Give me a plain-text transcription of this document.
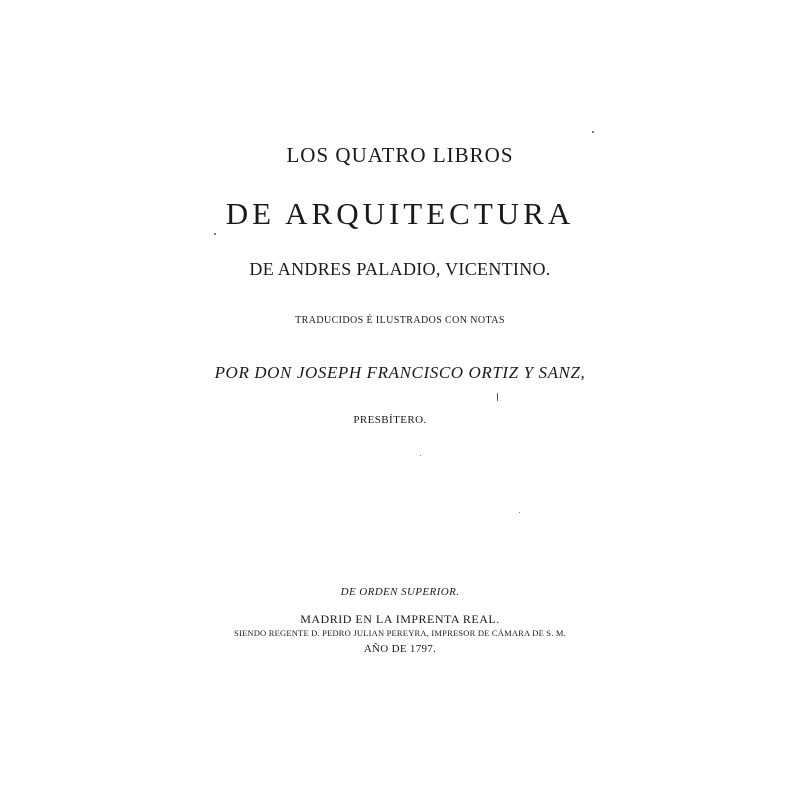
LOS QUATRO LIBROS
DE ARQUITECTURA
DE ANDRES PALADIO, VICENTINO.
TRADUCIDOS É ILUSTRADOS CON NOTAS
POR DON JOSEPH FRANCISCO ORTIZ Y SANZ,
PRESBÍTERO.
DE ORDEN SUPERIOR.
MADRID EN LA IMPRENTA REAL.
SIENDO REGENTE D. PEDRO JULIAN PEREYRA, IMPRESOR DE CÁMARA DE S. M.
AÑO DE 1797.
